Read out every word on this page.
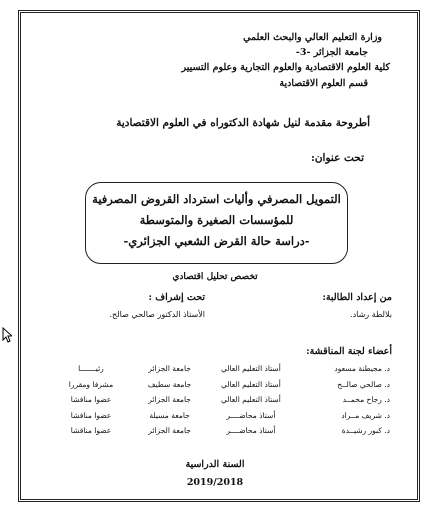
وزارة التعليم العالي والبحث العلمي
جامعة الجزائر -3-
كلية العلوم الاقتصادية والعلوم التجارية وعلوم التسيير
قسم العلوم الاقتصادية
أطروحة مقدمة لنيل شهادة الدكتوراه في العلوم الاقتصادية
تحت عنوان:
التمويل المصرفي وأليات استرداد القروض المصرفية
للمؤسسات الصغيرة والمتوسطة
-دراسة حالة القرض الشعبي الجزائري-
تخصص تحليل اقتصادي
من إعداد الطالبة:
تحت إشراف :
بلالطة رشاد.
الأستاذ الدكتور صالحي صالح.
أعضاء لجنة المناقشة:
د. مجيطنة مسعود	أستاذ التعليم العالي	جامعة الجزائر	رئيـــــــا
د. صالحي صالــح	أستاذ التعليم العالي	جامعة سطيف	مشرفا ومقررا
د. رجاح محمــد	أستاذ التعليم العالي	جامعة الجزائر	عضوا مناقشا
د. شريف مــراد	أستاذ محاضــــر	جامعة مسيلة	عضوا مناقشا
د. كبور رشيــدة	أستاذ محاضــــر	جامعة الجزائر	عضوا مناقشا
السنة الدراسية
2019/2018
